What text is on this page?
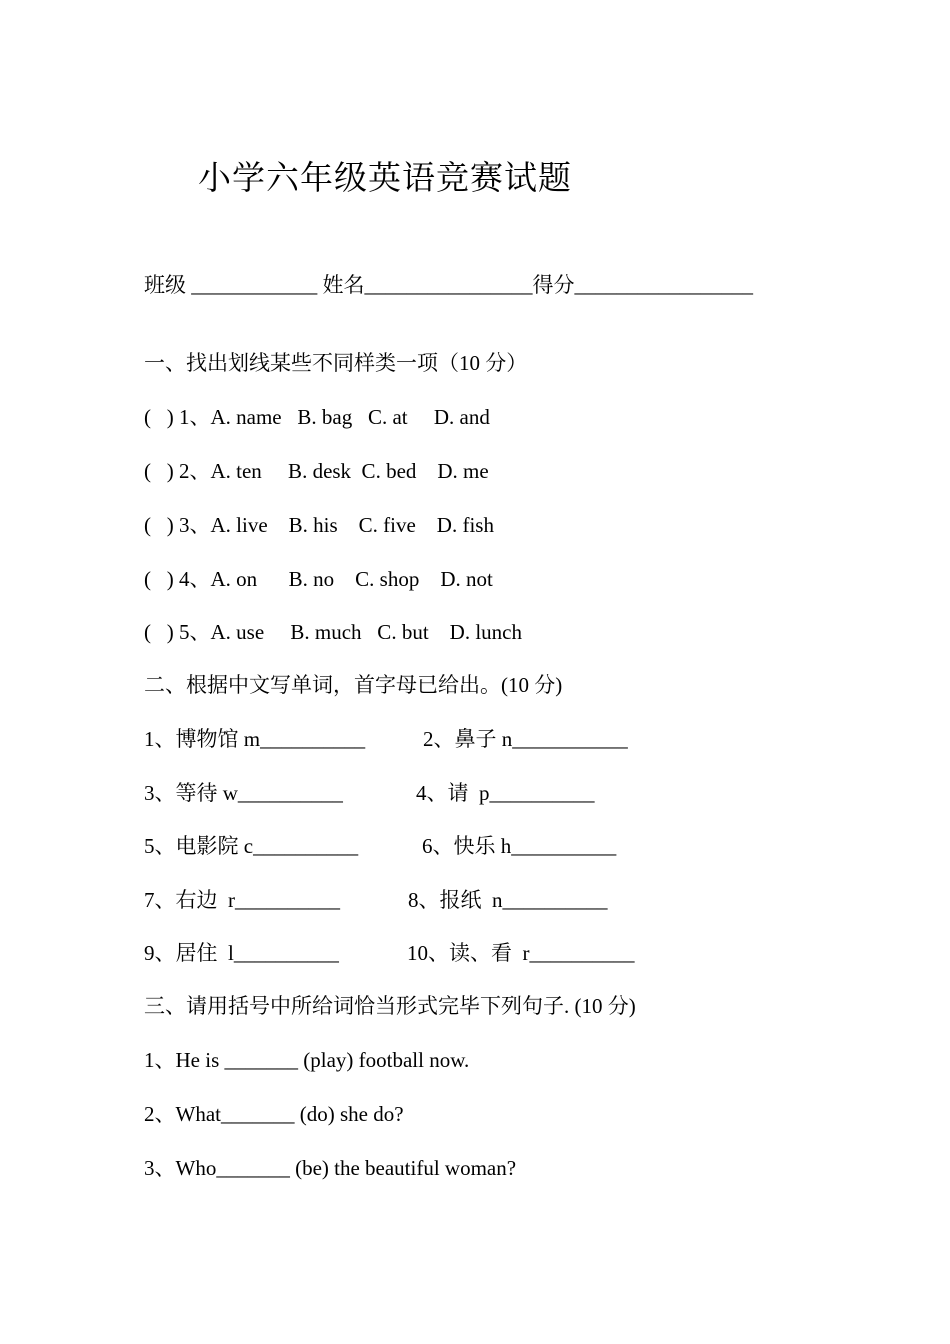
小学六年级英语竞赛试题
班级 ____________ 姓名________________得分_________________
一、找出划线某些不同样类一项（10 分）
(   ) 1、A. name   B. bag   C. at     D. and
(   ) 2、A. ten     B. desk  C. bed    D. me
(   ) 3、A. live    B. his    C. five    D. fish
(   ) 4、A. on      B. no    C. shop    D. not
(   ) 5、A. use     B. much   C. but    D. lunch
二、根据中文写单词，首字母已给出。(10 分)
1、博物馆 m__________	2、鼻子 n___________
3、等待 w__________	4、请  p__________
5、电影院 c__________	6、快乐 h__________
7、右边  r__________	8、报纸  n__________
9、居住  l__________	10、读、看  r__________
三、请用括号中所给词恰当形式完毕下列句子. (10 分)
1、He is _______ (play) football now.
2、What_______ (do) she do?
3、Who_______ (be) the beautiful woman?
